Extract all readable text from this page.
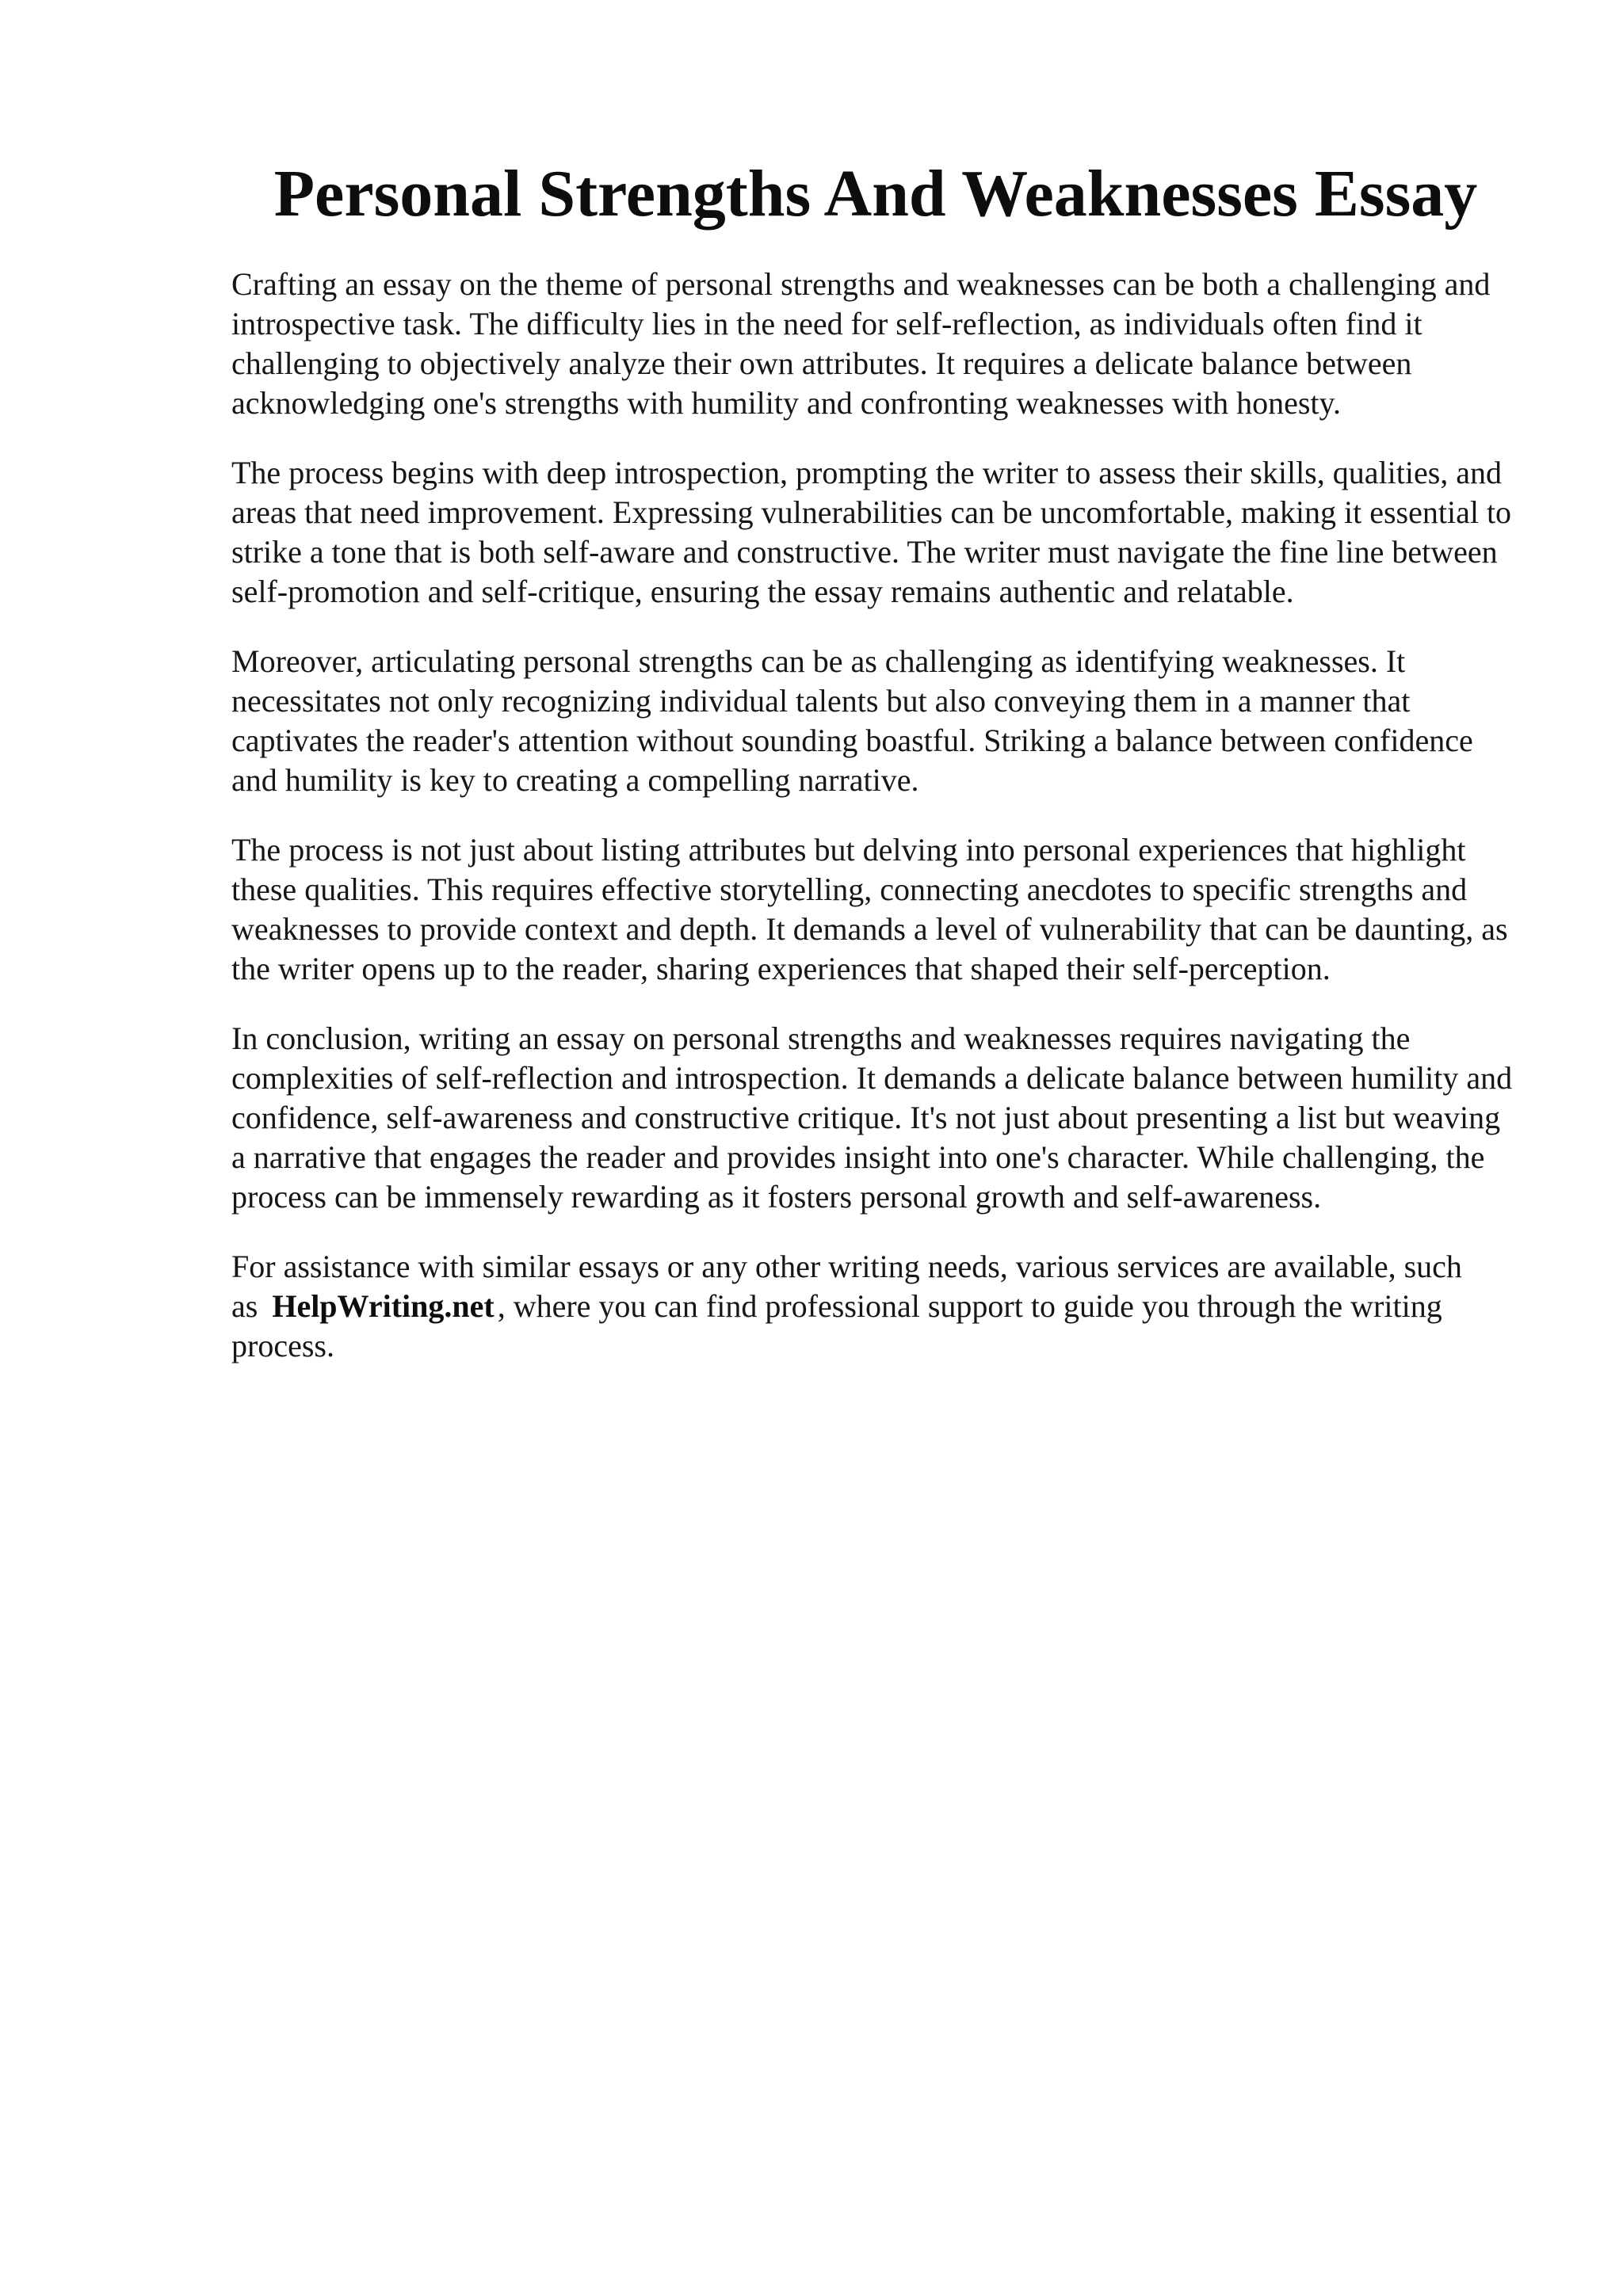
Personal Strengths And Weaknesses Essay

Crafting an essay on the theme of personal strengths and weaknesses can be both a challenging and introspective task. The difficulty lies in the need for self-reflection, as individuals often find it challenging to objectively analyze their own attributes. It requires a delicate balance between acknowledging one's strengths with humility and confronting weaknesses with honesty.

The process begins with deep introspection, prompting the writer to assess their skills, qualities, and areas that need improvement. Expressing vulnerabilities can be uncomfortable, making it essential to strike a tone that is both self-aware and constructive. The writer must navigate the fine line between self-promotion and self-critique, ensuring the essay remains authentic and relatable.

Moreover, articulating personal strengths can be as challenging as identifying weaknesses. It necessitates not only recognizing individual talents but also conveying them in a manner that captivates the reader's attention without sounding boastful. Striking a balance between confidence and humility is key to creating a compelling narrative.

The process is not just about listing attributes but delving into personal experiences that highlight these qualities. This requires effective storytelling, connecting anecdotes to specific strengths and weaknesses to provide context and depth. It demands a level of vulnerability that can be daunting, as the writer opens up to the reader, sharing experiences that shaped their self-perception.

In conclusion, writing an essay on personal strengths and weaknesses requires navigating the complexities of self-reflection and introspection. It demands a delicate balance between humility and confidence, self-awareness and constructive critique. It's not just about presenting a list but weaving a narrative that engages the reader and provides insight into one's character. While challenging, the process can be immensely rewarding as it fosters personal growth and self-awareness.

For assistance with similar essays or any other writing needs, various services are available, such as HelpWriting.net , where you can find professional support to guide you through the writing process.
